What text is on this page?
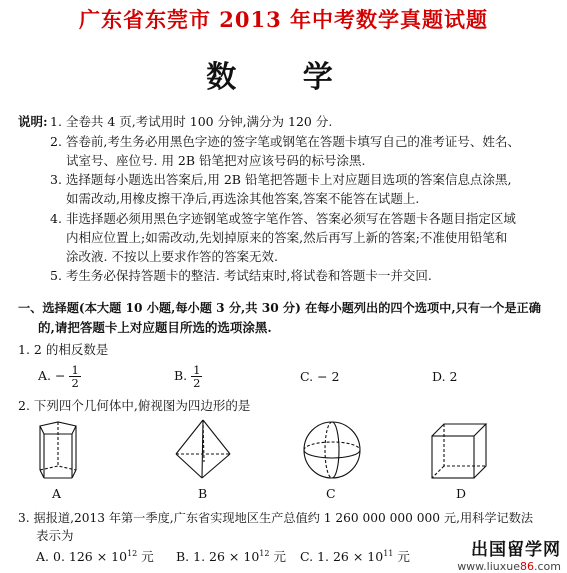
广东省东莞市 2013 年中考数学真题试题
数 学
说明: 1. 全卷共 4 页,考试用时 100 分钟,满分为 120 分.
2. 答卷前,考生务必用黑色字迹的签字笔或钢笔在答题卡填写自己的准考证号、姓名、
试室号、座位号. 用 2B 铅笔把对应该号码的标号涂黑.
3. 选择题每小题选出答案后,用 2B 铅笔把答题卡上对应题目选项的答案信息点涂黑,
如需改动,用橡皮擦干净后,再选涂其他答案,答案不能答在试题上.
4. 非选择题必须用黑色字迹钢笔或签字笔作答、答案必须写在答题卡各题目指定区域
内相应位置上;如需改动,先划掉原来的答案,然后再写上新的答案;不准使用铅笔和
涂改液. 不按以上要求作答的答案无效.
5. 考生务必保持答题卡的整洁. 考试结束时,将试卷和答题卡一并交回.
一、选择题(本大题 10 小题,每小题 3 分,共 30 分) 在每小题列出的四个选项中,只有一个是正确
的,请把答题卡上对应题目所选的选项涂黑.
1. 2 的相反数是
A. − $\frac{1}{2}$	B. $\frac{1}{2}$	C. − 2	D. 2
2. 下列四个几何体中,俯视图为四边形的是
A	B	C	D
3. 据报道,2013 年第一季度,广东省实现地区生产总值约 1 260 000 000 000 元,用科学记数法
表示为
A. 0. $126 \times 10^{12}$ 元 B. 1. $26 \times 10^{12}$ 元 C. 1. $26 \times 10^{11}$ 元	出国留学网
www.liuxue86.com
